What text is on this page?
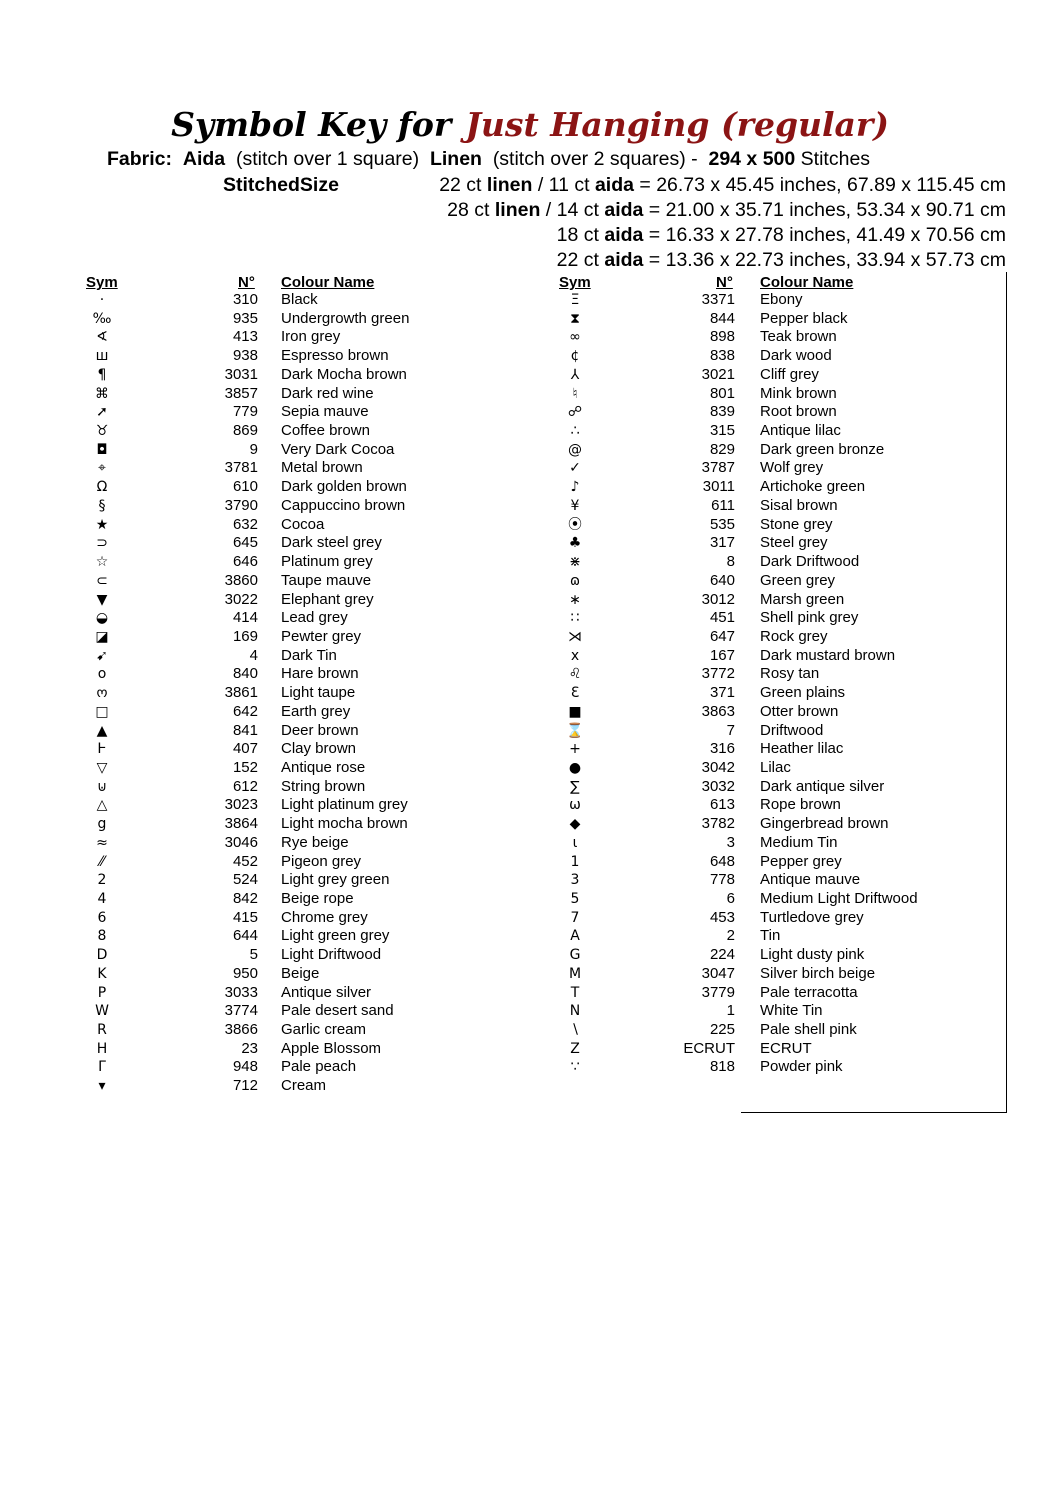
Symbol Key for Just Hanging (regular)
Fabric: Aida (stitch over 1 square) Linen (stitch over 2 squares) - 294 x 500 Stitches
StitchedSize	22 ct linen / 11 ct aida = 26.73 x 45.45 inches, 67.89 x 115.45 cm
28 ct linen / 14 ct aida = 21.00 x 35.71 inches, 53.34 x 90.71 cm
18 ct aida = 16.33 x 27.78 inches, 41.49 x 70.56 cm
22 ct aida = 13.36 x 22.73 inches, 33.94 x 57.73 cm
Sym	N° Colour Name	Sym	N° Colour Name
·	310 Black
‰	935 Undergrowth green
∢	413 Iron grey
ш	938 Espresso brown
¶	3031 Dark Mocha brown
⌘	3857 Dark red wine
➚	779 Sepia mauve
♉	869 Coffee brown
◘	9 Very Dark Cocoa
⌖	3781 Metal brown
Ω	610 Dark golden brown
§	3790 Cappuccino brown
★	632 Cocoa
⊃	645 Dark steel grey
☆	646 Platinum grey
⊂	3860 Taupe mauve
▼	3022 Elephant grey
◒	414 Lead grey
◪	169 Pewter grey
➹	4 Dark Tin
o	840 Hare brown
ო	3861 Light taupe
□	642 Earth grey
▲	841 Deer brown
Ⱶ	407 Clay brown
▽	152 Antique rose
⊍	612 String brown
△	3023 Light platinum grey
g	3864 Light mocha brown
≈	3046 Rye beige
⁄⁄	452 Pigeon grey
2	524 Light grey green
4	842 Beige rope
6	415 Chrome grey
8	644 Light green grey
D	5 Light Driftwood
K	950 Beige
P	3033 Antique silver
W	3774 Pale desert sand
R	3866 Garlic cream
H	23 Apple Blossom
Γ	948 Pale peach
▾	712 Cream
Ξ	3371 Ebony
⧗	844 Pepper black
∞	898 Teak brown
¢	838 Dark wood
⅄	3021 Cliff grey
♮	801 Mink brown
☍	839 Root brown
∴	315 Antique lilac
@	829 Dark green bronze
✓	3787 Wolf grey
♪	3011 Artichoke green
¥	611 Sisal brown
⦿	535 Stone grey
♣	317 Steel grey
⋇	8 Dark Driftwood
ɷ	640 Green grey
∗	3012 Marsh green
∷	451 Shell pink grey
⋊	647 Rock grey
x	167 Dark mustard brown
♌	3772 Rosy tan
Ɛ	371 Green plains
■	3863 Otter brown
⌛	7 Driftwood
+	316 Heather lilac
●	3042 Lilac
∑	3032 Dark antique silver
ω	613 Rope brown
◆	3782 Gingerbread brown
ɩ	3 Medium Tin
1	648 Pepper grey
3	778 Antique mauve
5	6 Medium Light Driftwood
7	453 Turtledove grey
A	2 Tin
G	224 Light dusty pink
M	3047 Silver birch beige
T	3779 Pale terracotta
N	1 White Tin
∖	225 Pale shell pink
Z	ECRUT ECRUT
∵	818 Powder pink
